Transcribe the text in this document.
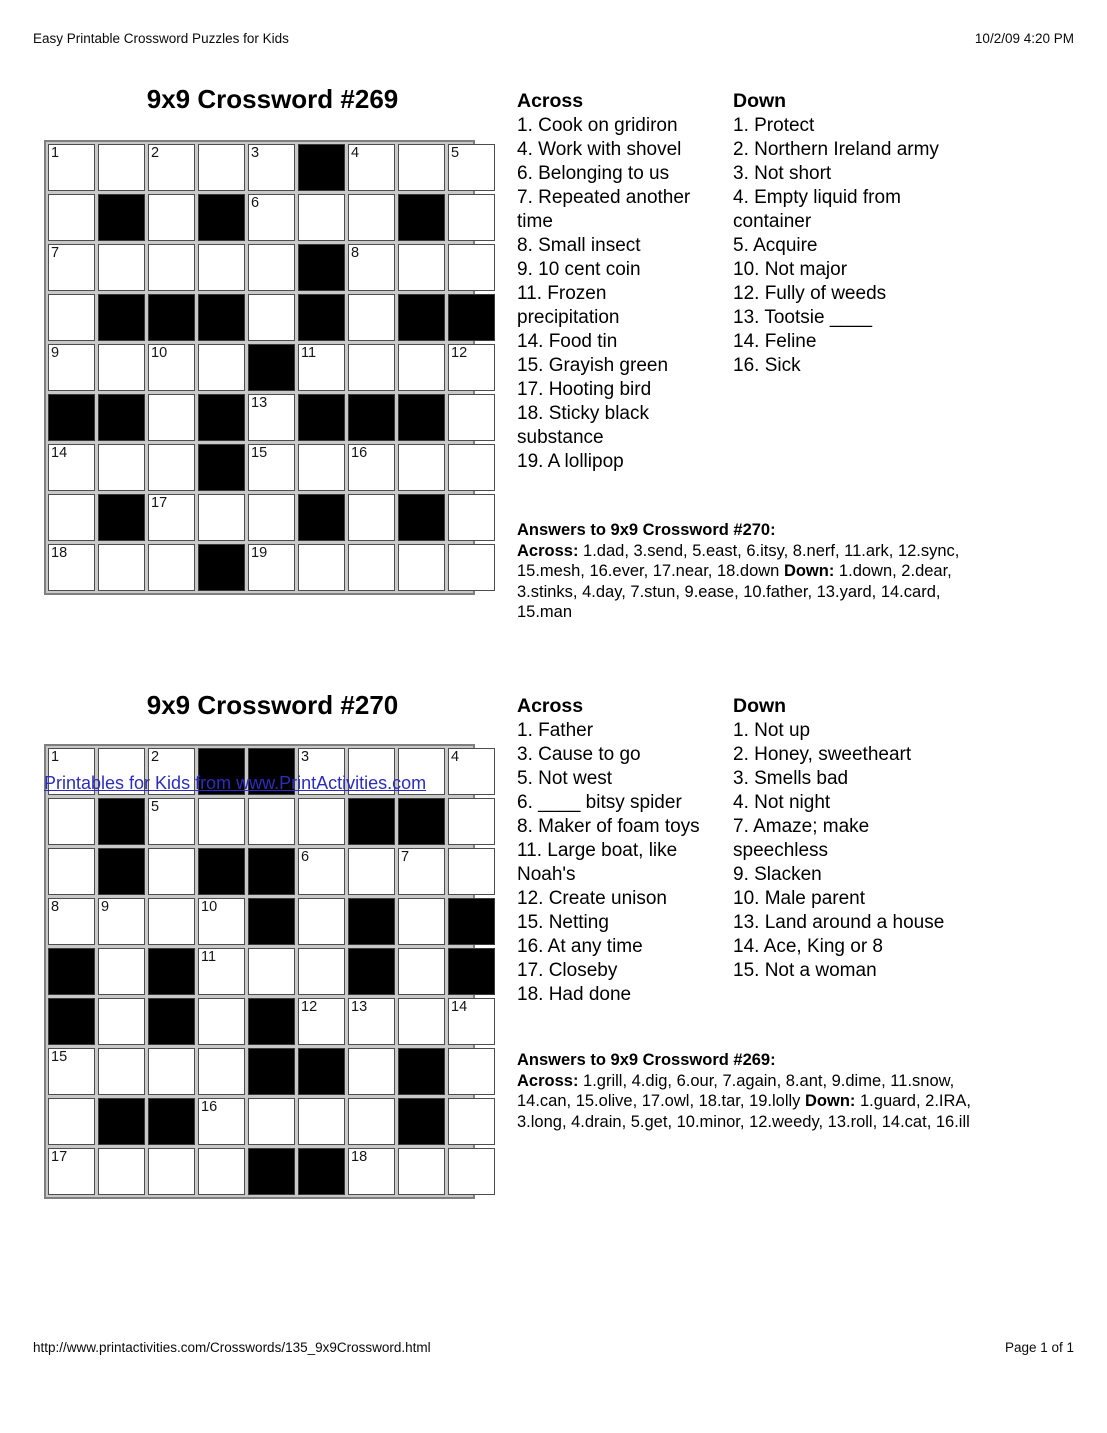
Easy Printable Crossword Puzzles for Kids	10/2/09 4:20 PM
9x9 Crossword #269
1	2	3	4	5
6
7	8
9	10	11	12
13
14	15	16
17
18	19
Across
1. Cook on gridiron
4. Work with shovel
6. Belonging to us
7. Repeated another time
8. Small insect
9. 10 cent coin
11. Frozen precipitation
14. Food tin
15. Grayish green
17. Hooting bird
18. Sticky black substance
19. A lollipop
Down
1. Protect
2. Northern Ireland army
3. Not short
4. Empty liquid from container
5. Acquire
10. Not major
12. Fully of weeds
13. Tootsie ____
14. Feline
16. Sick
Answers to 9x9 Crossword #270:
Across: 1.dad, 3.send, 5.east, 6.itsy, 8.nerf, 11.ark, 12.sync, 15.mesh, 16.ever, 17.near, 18.down Down: 1.down, 2.dear, 3.stinks, 4.day, 7.stun, 9.ease, 10.father, 13.yard, 14.card, 15.man
9x9 Crossword #270
1	2	3	4
5
6	7
8	9	10
11
12 13	14
15
16
17	18
Printables for Kids from www.PrintActivities.com
Across
1. Father
3. Cause to go
5. Not west
6. ____ bitsy spider
8. Maker of foam toys
11. Large boat, like Noah's
12. Create unison
15. Netting
16. At any time
17. Closeby
18. Had done
Down
1. Not up
2. Honey, sweetheart
3. Smells bad
4. Not night
7. Amaze; make speechless
9. Slacken
10. Male parent
13. Land around a house
14. Ace, King or 8
15. Not a woman
Answers to 9x9 Crossword #269:
Across: 1.grill, 4.dig, 6.our, 7.again, 8.ant, 9.dime, 11.snow, 14.can, 15.olive, 17.owl, 18.tar, 19.lolly Down: 1.guard, 2.IRA, 3.long, 4.drain, 5.get, 10.minor, 12.weedy, 13.roll, 14.cat, 16.ill
http://www.printactivities.com/Crosswords/135_9x9Crossword.html	Page 1 of 1
